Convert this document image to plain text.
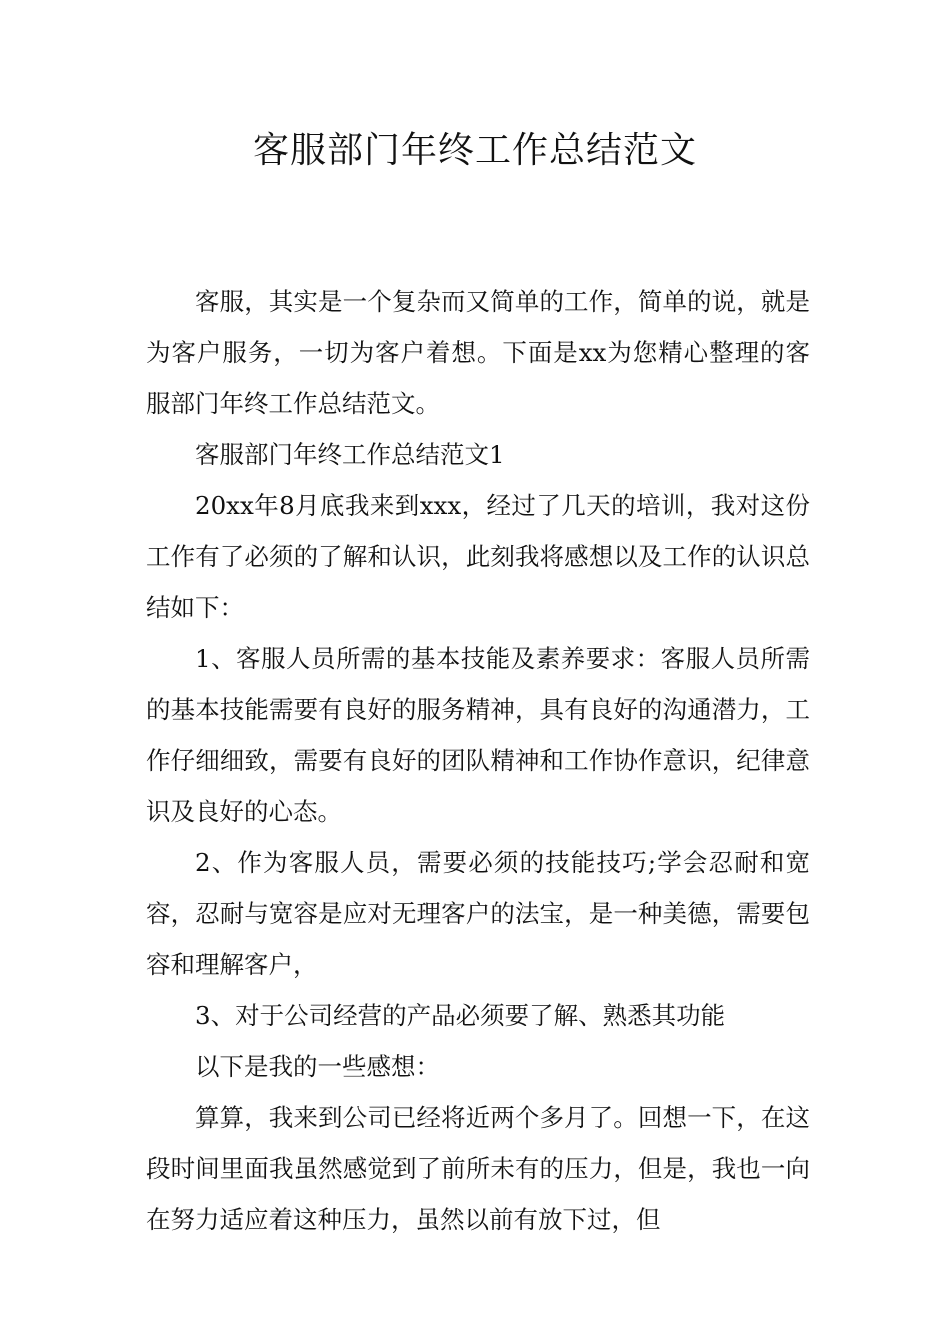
客服部门年终工作总结范文

客服，其实是一个复杂而又简单的工作，简单的说，就是为客户服务，一切为客户着想。下面是xx为您精心整理的客服部门年终工作总结范文。

客服部门年终工作总结范文1

20xx年8月底我来到xxx，经过了几天的培训，我对这份工作有了必须的了解和认识，此刻我将感想以及工作的认识总结如下：

1、客服人员所需的基本技能及素养要求：客服人员所需的基本技能需要有良好的服务精神，具有良好的沟通潜力，工作仔细细致，需要有良好的团队精神和工作协作意识，纪律意识及良好的心态。

2、作为客服人员，需要必须的技能技巧;学会忍耐和宽容，忍耐与宽容是应对无理客户的法宝，是一种美德，需要包容和理解客户，

3、对于公司经营的产品必须要了解、熟悉其功能

以下是我的一些感想：

算算，我来到公司已经将近两个多月了。回想一下，在这段时间里面我虽然感觉到了前所未有的压力，但是，我也一向在努力适应着这种压力，虽然以前有放下过，但
